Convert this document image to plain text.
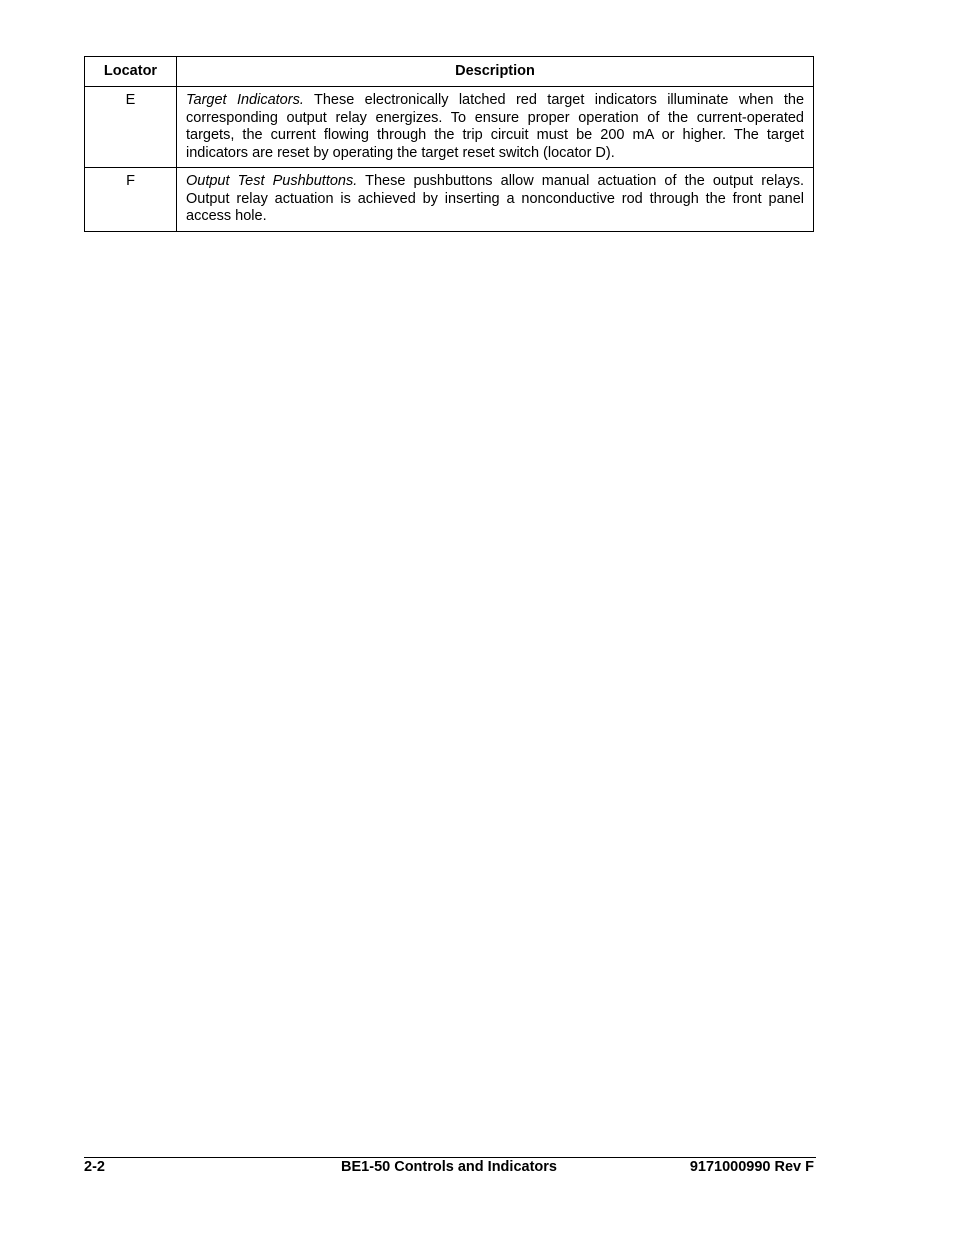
Locator	Description
E	Target Indicators. These electronically latched red target indicators illuminate when the corresponding output relay energizes. To ensure proper operation of the current-operated targets, the current flowing through the trip circuit must be 200 mA or higher. The target indicators are reset by operating the target reset switch (locator D).
F	Output Test Pushbuttons. These pushbuttons allow manual actuation of the output relays. Output relay actuation is achieved by inserting a nonconductive rod through the front panel access hole.
2-2	BE1-50 Controls and Indicators	9171000990 Rev F
